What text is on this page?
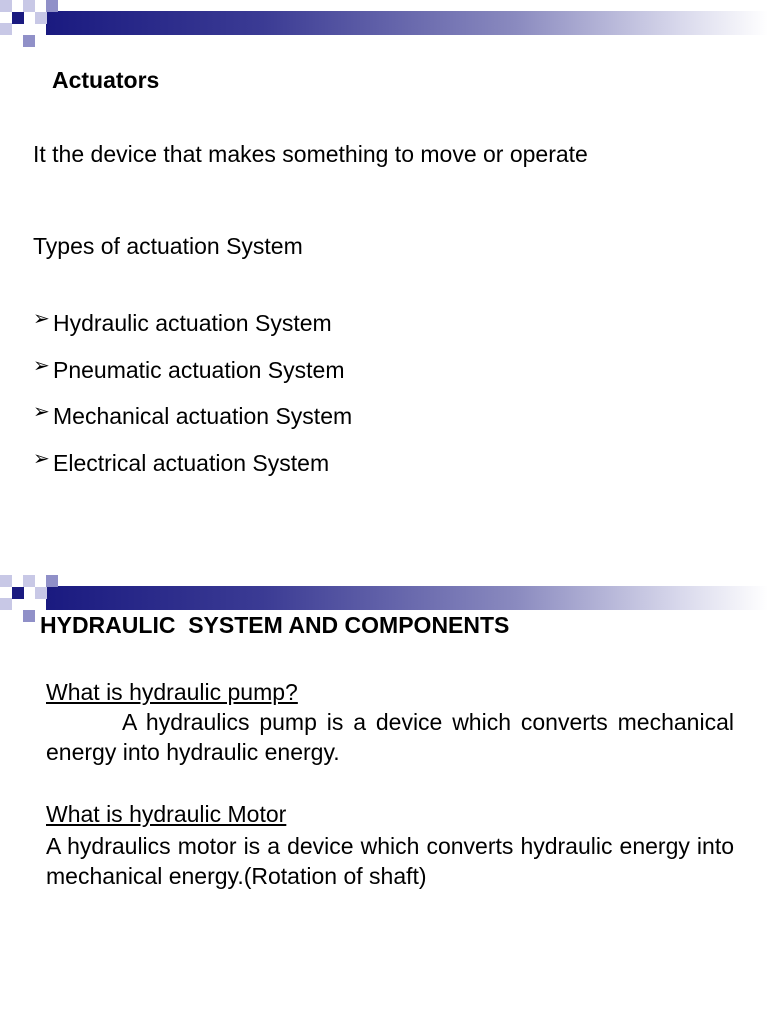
Actuators
It the device that makes something to move or operate
Types of actuation System
➢ Hydraulic actuation System
➢ Pneumatic actuation System
➢ Mechanical actuation System
➢ Electrical actuation System
HYDRAULIC  SYSTEM AND COMPONENTS
What is hydraulic pump?

A hydraulics pump is a device which converts mechanical energy into hydraulic energy.

What is hydraulic Motor

A hydraulics motor is a device which converts hydraulic energy into mechanical energy.(Rotation of shaft)
